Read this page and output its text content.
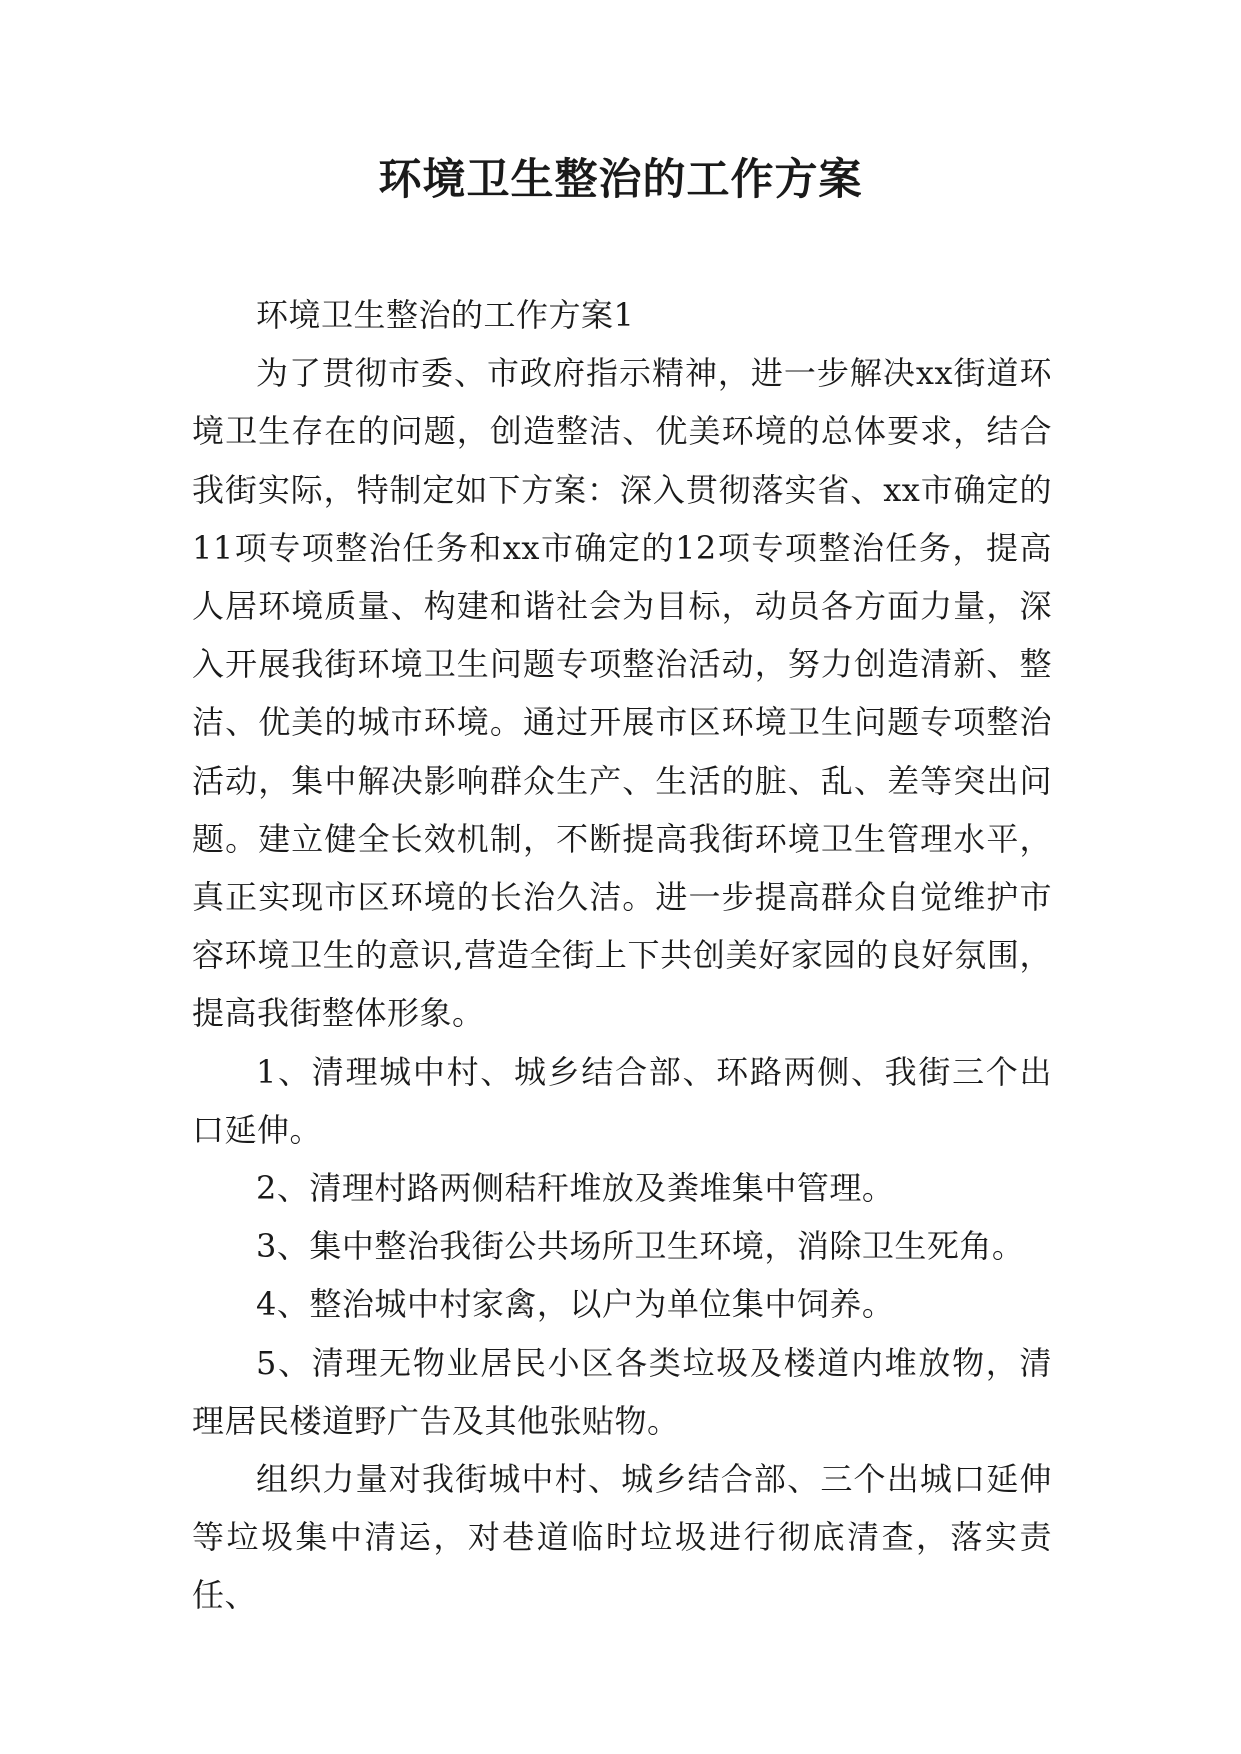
环境卫生整治的工作方案

环境卫生整治的工作方案1

为了贯彻市委、市政府指示精神，进一步解决xx街道环境卫生存在的问题，创造整洁、优美环境的总体要求，结合我街实际，特制定如下方案：深入贯彻落实省、xx市确定的11项专项整治任务和xx市确定的12项专项整治任务，提高人居环境质量、构建和谐社会为目标，动员各方面力量，深入开展我街环境卫生问题专项整治活动，努力创造清新、整洁、优美的城市环境。通过开展市区环境卫生问题专项整治活动，集中解决影响群众生产、生活的脏、乱、差等突出问题。建立健全长效机制，不断提高我街环境卫生管理水平，真正实现市区环境的长治久洁。进一步提高群众自觉维护市容环境卫生的意识,营造全街上下共创美好家园的良好氛围，提高我街整体形象。

1、清理城中村、城乡结合部、环路两侧、我街三个出口延伸。

2、清理村路两侧秸秆堆放及粪堆集中管理。

3、集中整治我街公共场所卫生环境，消除卫生死角。

4、整治城中村家禽，以户为单位集中饲养。

5、清理无物业居民小区各类垃圾及楼道内堆放物，清理居民楼道野广告及其他张贴物。

组织力量对我街城中村、城乡结合部、三个出城口延伸等垃圾集中清运，对巷道临时垃圾进行彻底清查，落实责任、
